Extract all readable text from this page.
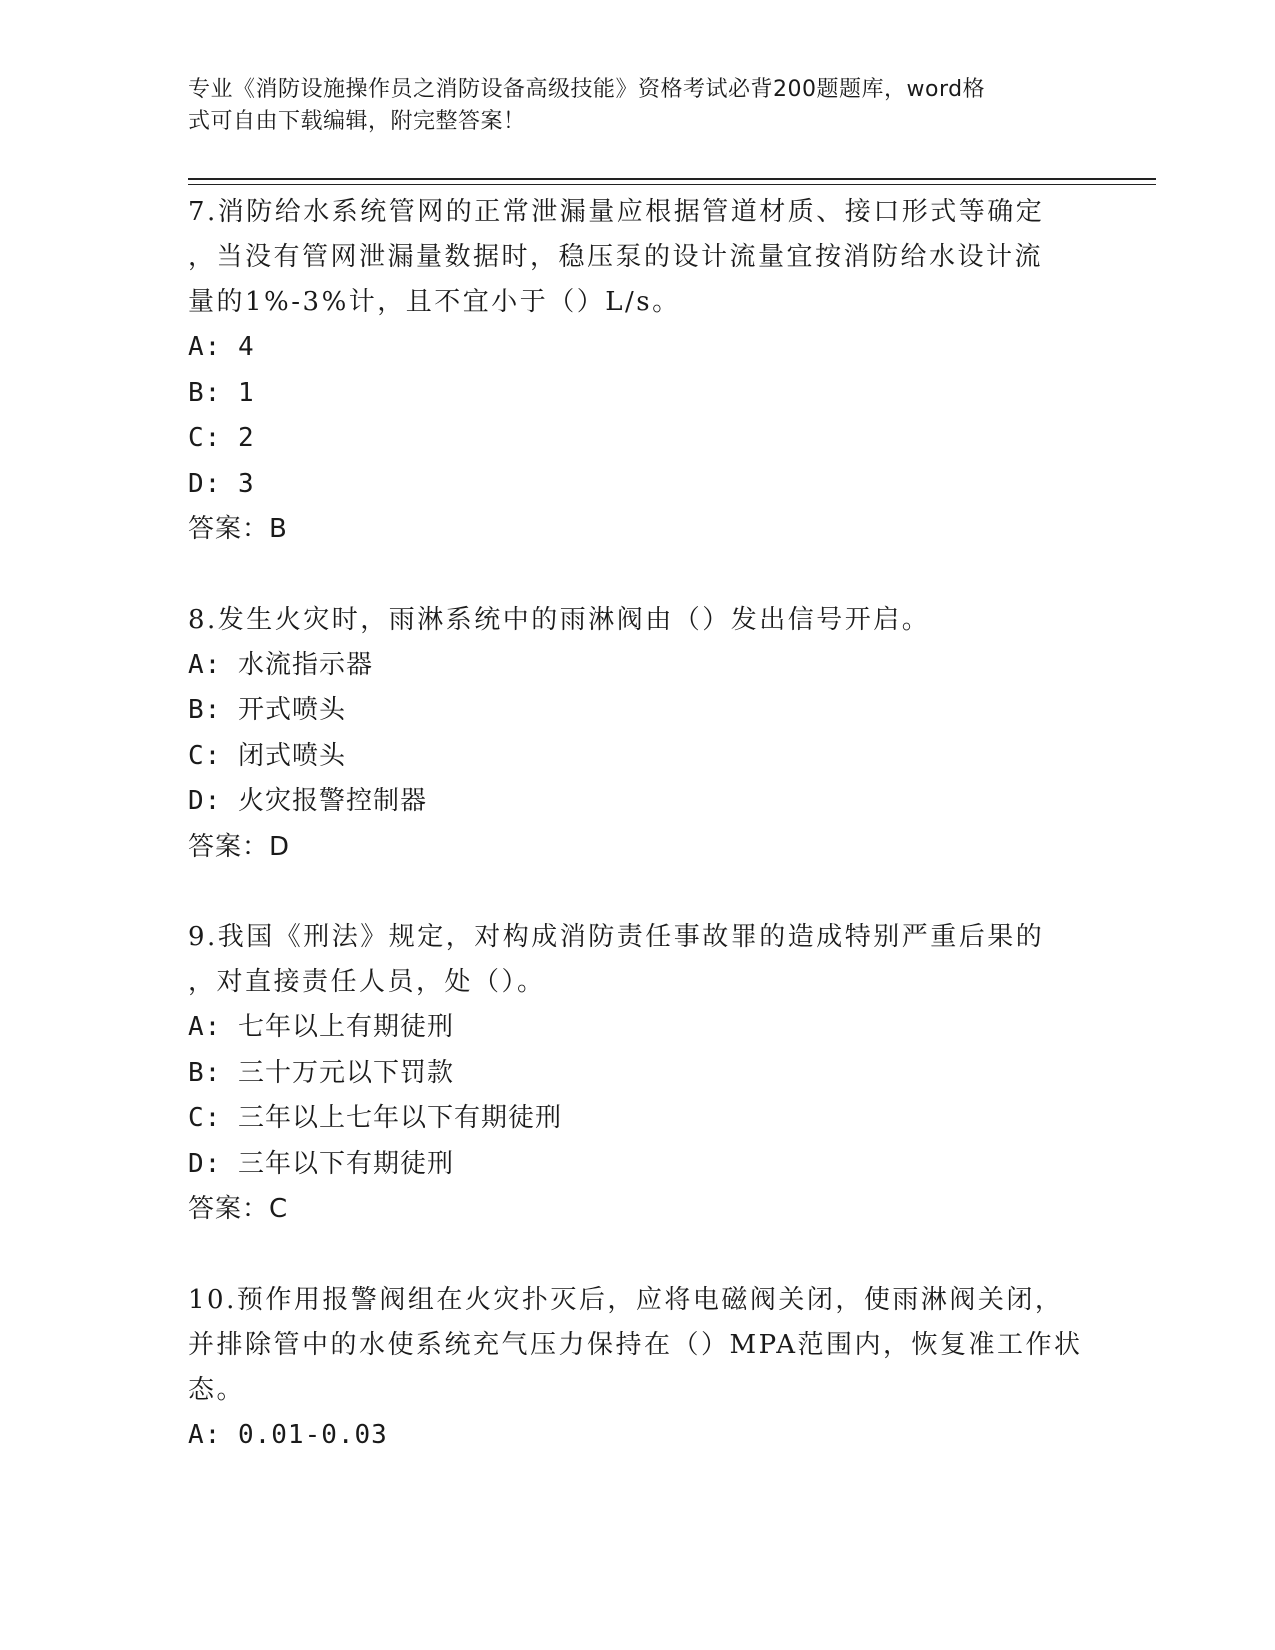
专业《消防设施操作员之消防设备高级技能》资格考试必背200题题库，word格
式可自由下载编辑，附完整答案！
7.消防给水系统管网的正常泄漏量应根据管道材质、接口形式等确定
，当没有管网泄漏量数据时，稳压泵的设计流量宜按消防给水设计流
量的1%-3%计，且不宜小于（）L/s。
A: 4
B: 1
C: 2
D: 3
答案：B
8.发生火灾时，雨淋系统中的雨淋阀由（）发出信号开启。
A: 水流指示器
B: 开式喷头
C: 闭式喷头
D: 火灾报警控制器
答案：D
9.我国《刑法》规定，对构成消防责任事故罪的造成特别严重后果的
，对直接责任人员，处（）。
A: 七年以上有期徒刑
B: 三十万元以下罚款
C: 三年以上七年以下有期徒刑
D: 三年以下有期徒刑
答案：C
10.预作用报警阀组在火灾扑灭后，应将电磁阀关闭，使雨淋阀关闭，
并排除管中的水使系统充气压力保持在（）MPA范围内，恢复准工作状
态。
A: 0.01-0.03
